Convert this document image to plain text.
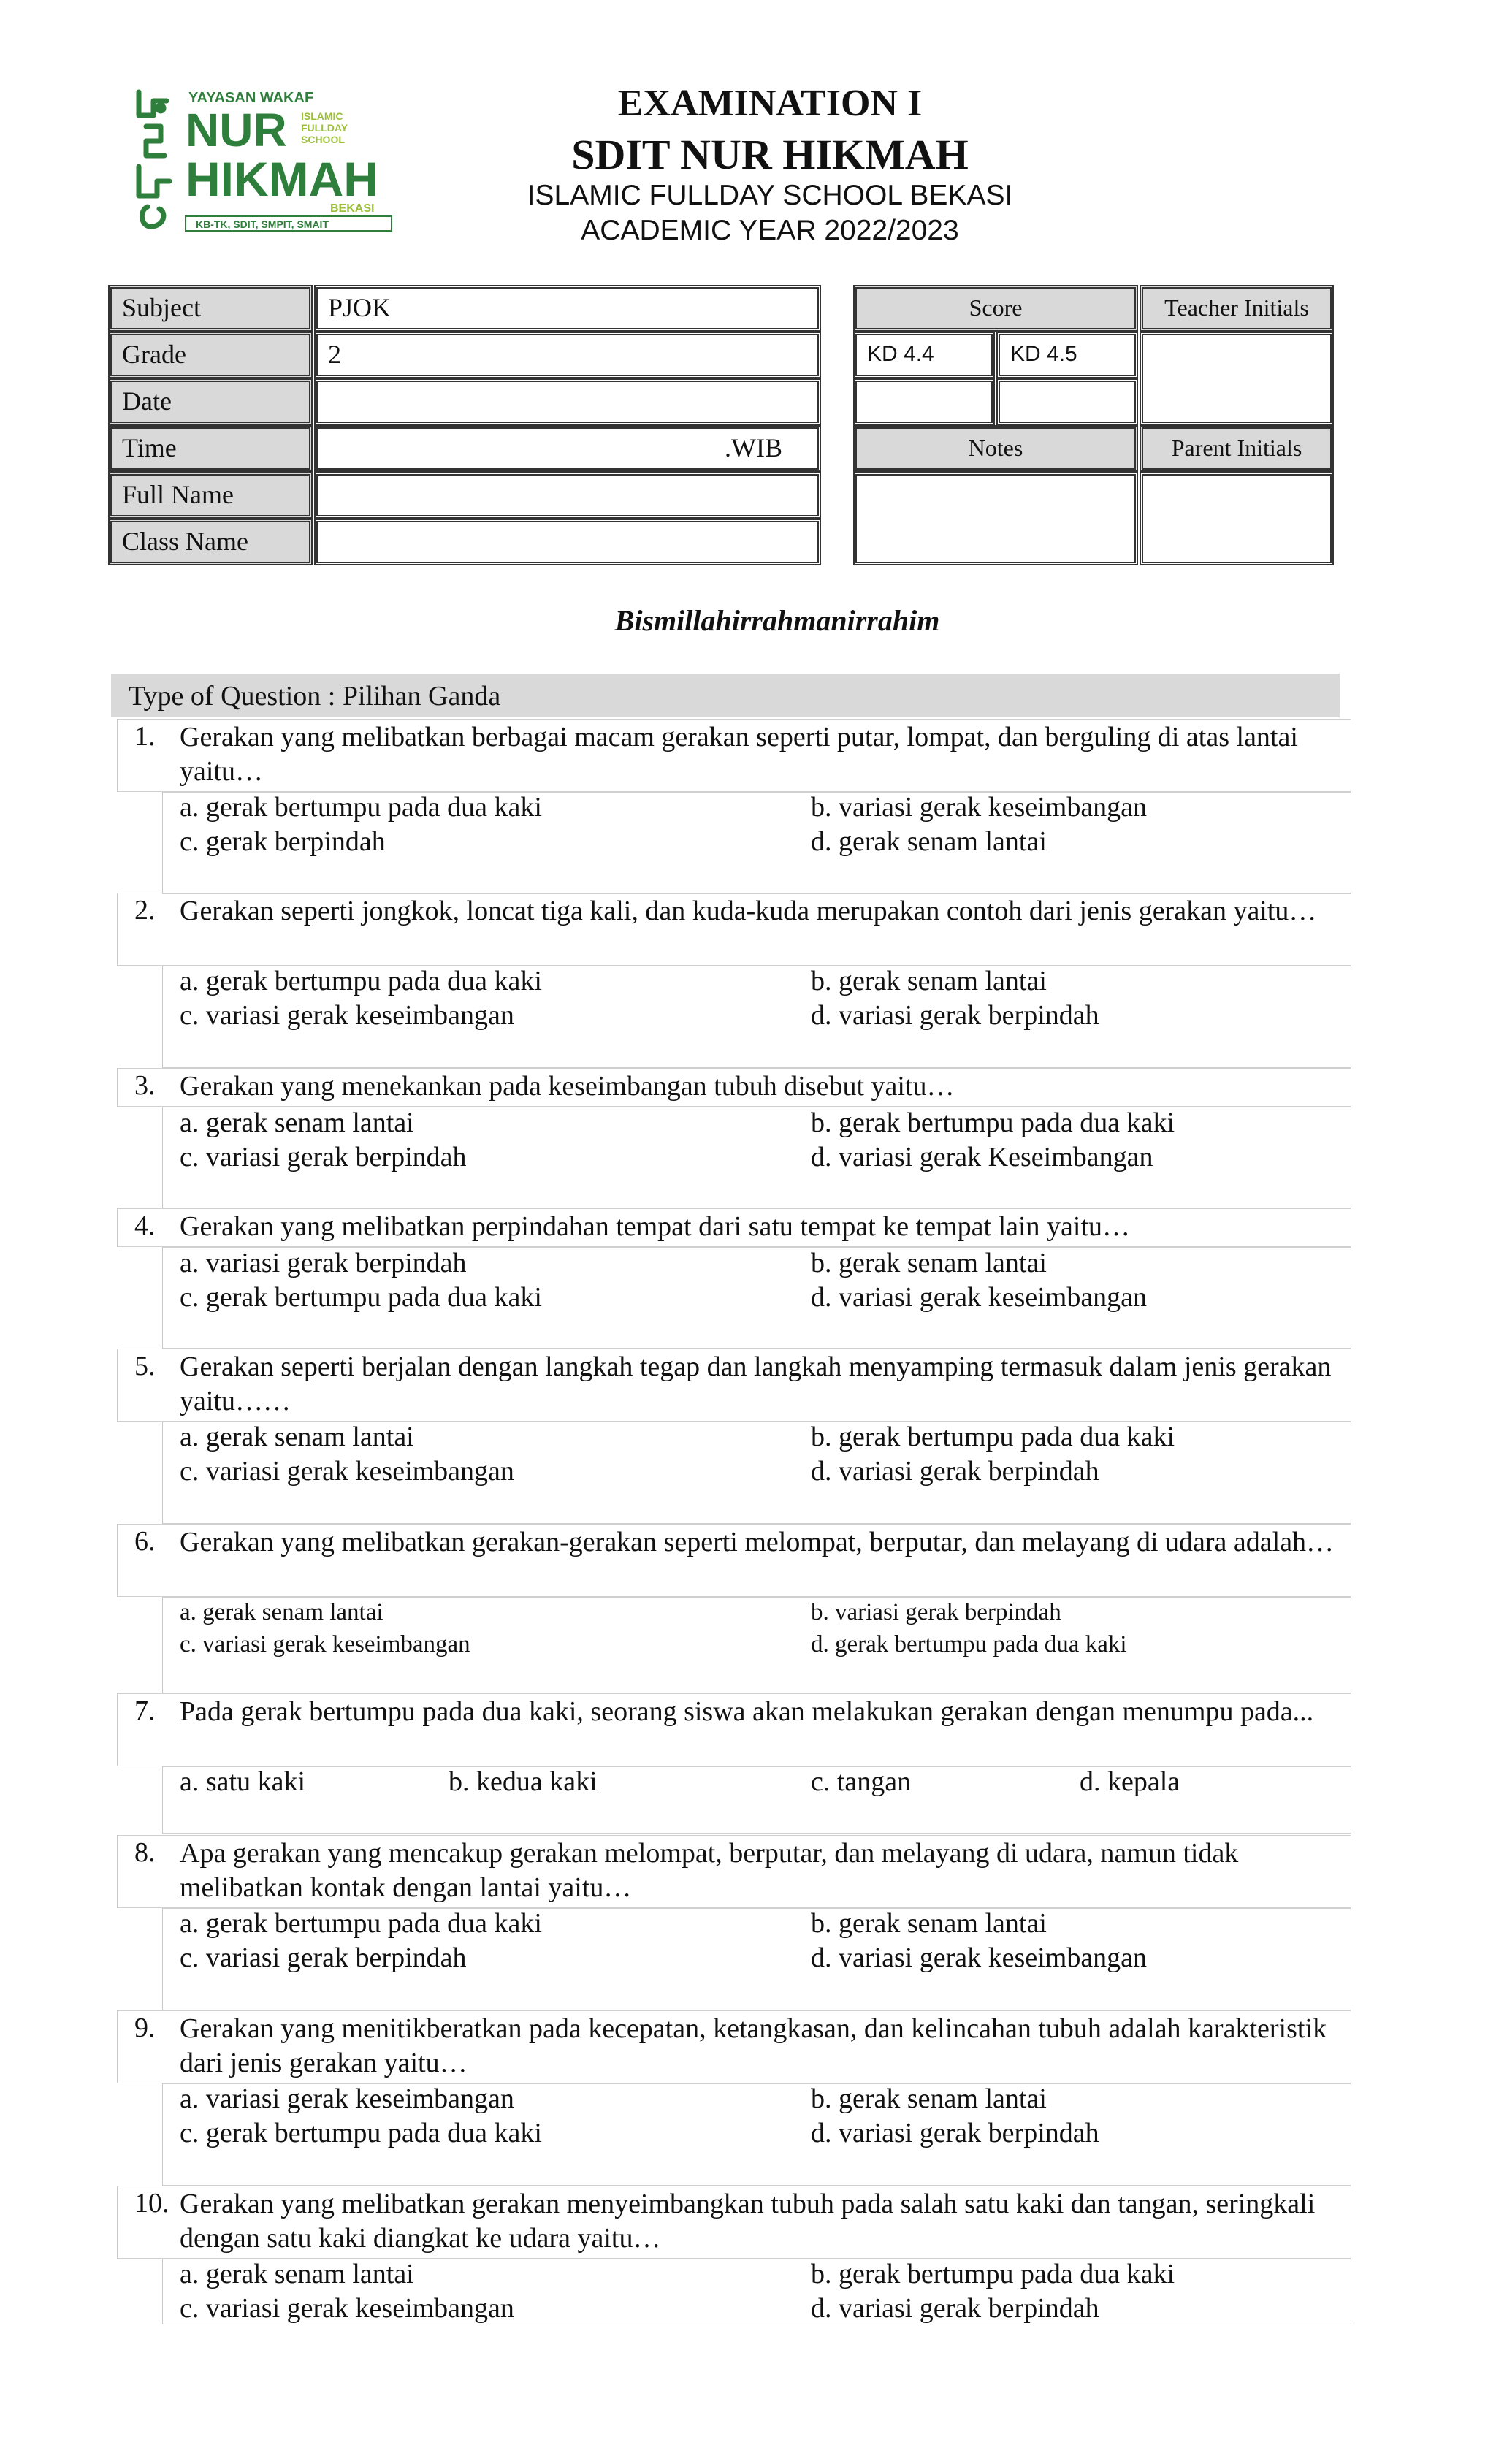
YAYASAN WAKAF
NUR ISLAMIC
FULLDAY
SCHOOL
HIKMAH
BEKASI
KB-TK, SDIT, SMPIT, SMAIT
EXAMINATION I
SDIT NUR HIKMAH
ISLAMIC FULLDAY SCHOOL BEKASI
ACADEMIC YEAR 2022/2023
Subject	PJOK
Grade	2
Date
Time	.WIB
Full Name
Class Name
Score	Teacher Initials
KD 4.4	KD 4.5
Notes	Parent Initials
Bismillahirrahmanirrahim
Type of Question : Pilihan Ganda
1. Gerakan yang melibatkan berbagai macam gerakan seperti putar, lompat, dan berguling di atas lantai yaitu…
a. gerak bertumpu pada dua kaki	b. variasi gerak keseimbangan
c. gerak berpindah	d. gerak senam lantai
2. Gerakan seperti jongkok, loncat tiga kali, dan kuda-kuda merupakan contoh dari jenis gerakan yaitu…
a. gerak bertumpu pada dua kaki	b. gerak senam lantai
c. variasi gerak keseimbangan	d. variasi gerak berpindah
3. Gerakan yang menekankan pada keseimbangan tubuh disebut yaitu…
a. gerak senam lantai	b. gerak bertumpu pada dua kaki
c. variasi gerak berpindah	d. variasi gerak Keseimbangan
4. Gerakan yang melibatkan perpindahan tempat dari satu tempat ke tempat lain yaitu…
a. variasi gerak berpindah	b. gerak senam lantai
c. gerak bertumpu pada dua kaki	d. variasi gerak keseimbangan
5. Gerakan seperti berjalan dengan langkah tegap dan langkah menyamping termasuk dalam jenis gerakan yaitu……
a. gerak senam lantai	b. gerak bertumpu pada dua kaki
c. variasi gerak keseimbangan	d. variasi gerak berpindah
6. Gerakan yang melibatkan gerakan-gerakan seperti melompat, berputar, dan melayang di udara adalah…
a. gerak senam lantai	b. variasi gerak berpindah
c. variasi gerak keseimbangan	d. gerak bertumpu pada dua kaki
7. Pada gerak bertumpu pada dua kaki, seorang siswa akan melakukan gerakan dengan menumpu pada...
a. satu kaki	b. kedua kaki	c. tangan	d. kepala
8. Apa gerakan yang mencakup gerakan melompat, berputar, dan melayang di udara, namun tidak melibatkan kontak dengan lantai yaitu…
a. gerak bertumpu pada dua kaki	b. gerak senam lantai
c. variasi gerak berpindah	d. variasi gerak keseimbangan
9. Gerakan yang menitikberatkan pada kecepatan, ketangkasan, dan kelincahan tubuh adalah karakteristik dari jenis gerakan yaitu…
a. variasi gerak keseimbangan	b. gerak senam lantai
c. gerak bertumpu pada dua kaki	d. variasi gerak berpindah
10. Gerakan yang melibatkan gerakan menyeimbangkan tubuh pada salah satu kaki dan tangan, seringkali dengan satu kaki diangkat ke udara yaitu…
a. gerak senam lantai	b. gerak bertumpu pada dua kaki
c. variasi gerak keseimbangan	d. variasi gerak berpindah
